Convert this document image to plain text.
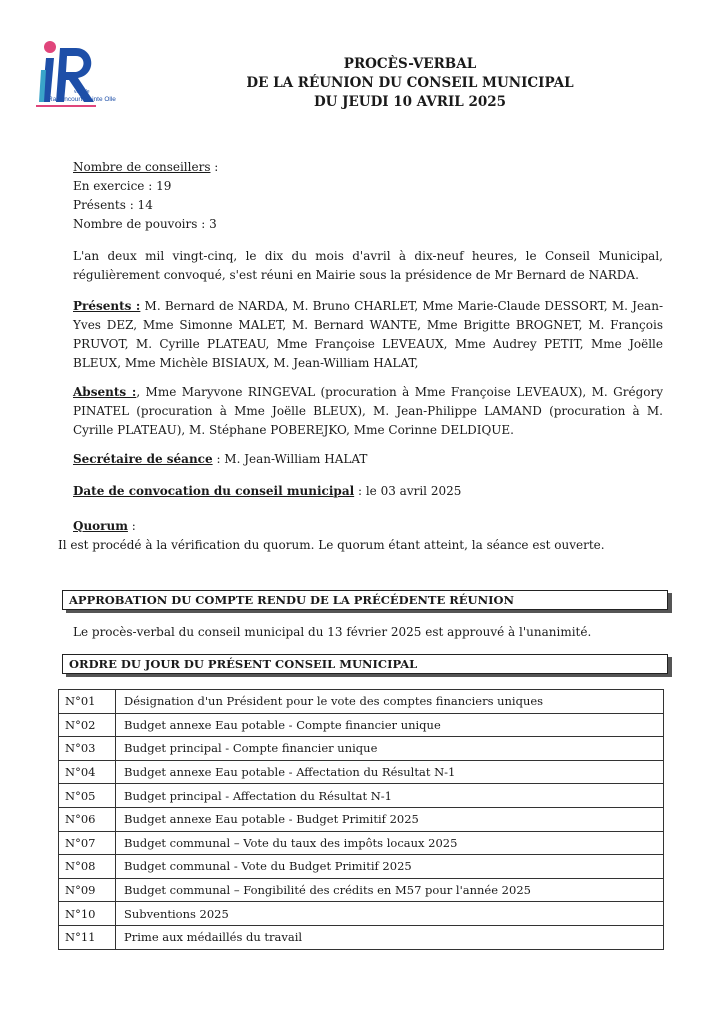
ville de
Raillencourt Sainte Olle
PROCÈS-VERBAL
DE LA RÉUNION DU CONSEIL MUNICIPAL
DU JEUDI 10 AVRIL 2025
Nombre de conseillers :
En exercice : 19
Présents : 14
Nombre de pouvoirs : 3

L'an deux mil vingt-cinq, le dix du mois d'avril à dix-neuf heures, le Conseil Municipal, régulièrement convoqué, s'est réuni en Mairie sous la présidence de Mr Bernard de NARDA.

Présents : M. Bernard de NARDA, M. Bruno CHARLET, Mme Marie-Claude DESSORT, M. Jean-Yves DEZ, Mme Simonne MALET, M. Bernard WANTE, Mme Brigitte BROGNET, M. François PRUVOT, M. Cyrille PLATEAU, Mme Françoise LEVEAUX, Mme Audrey PETIT, Mme Joëlle BLEUX, Mme Michèle BISIAUX, M. Jean-William HALAT,

Absents :, Mme Maryvone RINGEVAL (procuration à Mme Françoise LEVEAUX), M. Grégory PINATEL (procuration à Mme Joëlle BLEUX), M. Jean-Philippe LAMAND (procuration à M. Cyrille PLATEAU), M. Stéphane POBEREJKO, Mme Corinne DELDIQUE.

Secrétaire de séance : M. Jean-William HALAT
Date de convocation du conseil municipal : le 03 avril 2025
Quorum :
Il est procédé à la vérification du quorum. Le quorum étant atteint, la séance est ouverte.
APPROBATION DU COMPTE RENDU DE LA PRÉCÉDENTE RÉUNION
Le procès-verbal du conseil municipal du 13 février 2025 est approuvé à l'unanimité.
ORDRE DU JOUR DU PRÉSENT CONSEIL MUNICIPAL
N°01	Désignation d'un Président pour le vote des comptes financiers uniques
N°02	Budget annexe Eau potable - Compte financier unique
N°03	Budget principal - Compte financier unique
N°04	Budget annexe Eau potable - Affectation du Résultat N-1
N°05	Budget principal - Affectation du Résultat N-1
N°06	Budget annexe Eau potable - Budget Primitif 2025
N°07	Budget communal – Vote du taux des impôts locaux 2025
N°08	Budget communal - Vote du Budget Primitif 2025
N°09	Budget communal – Fongibilité des crédits en M57 pour l'année 2025
N°10	Subventions 2025
N°11	Prime aux médaillés du travail
